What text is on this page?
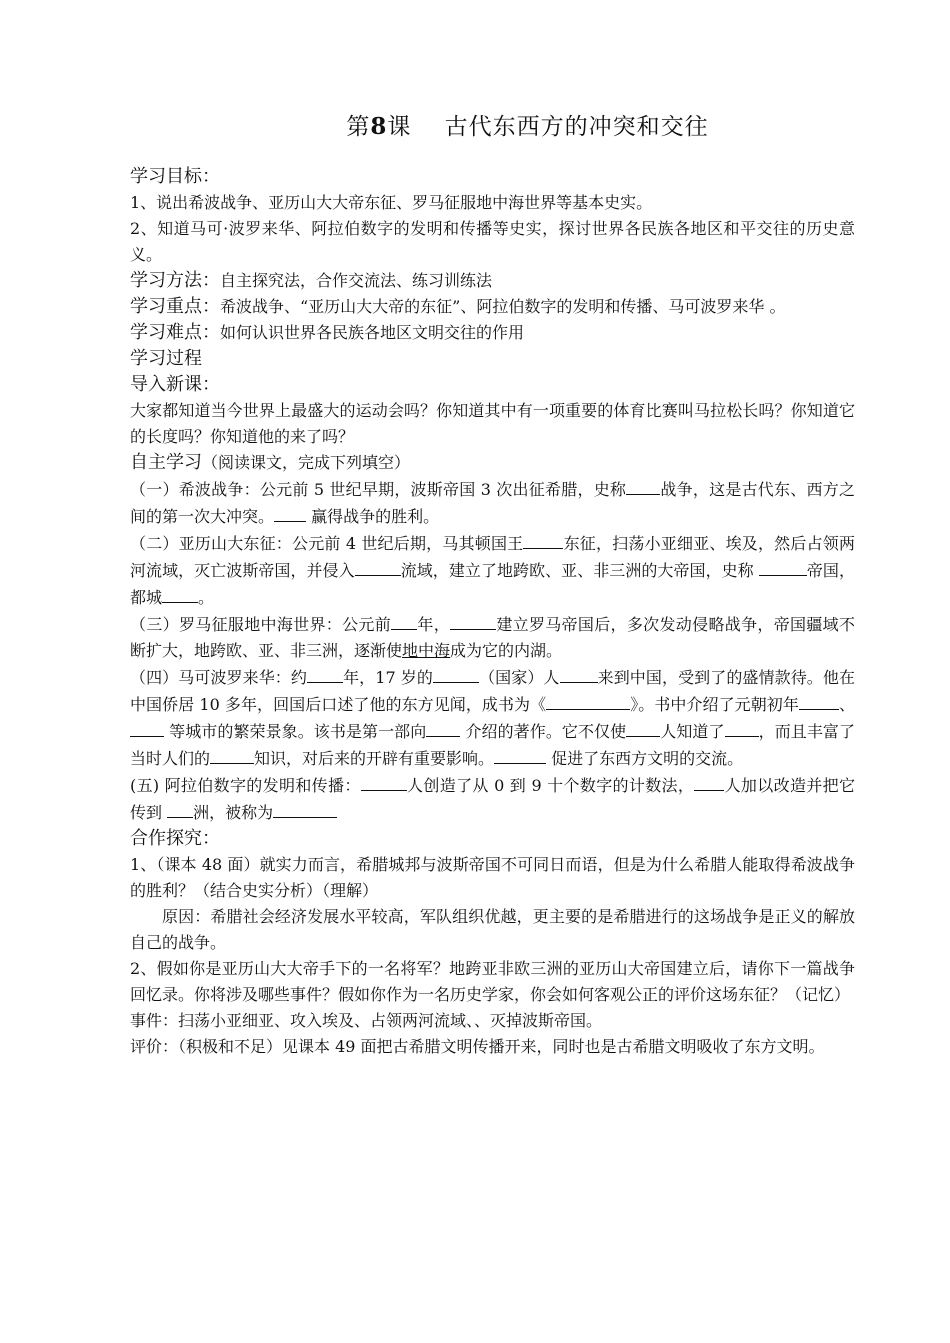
第8课 古代东西方的冲突和交往

学习目标：

1、说出希波战争、亚历山大大帝东征、罗马征服地中海世界等基本史实。

2、知道马可·波罗来华、阿拉伯数字的发明和传播等史实，探讨世界各民族各地区和平交往的历史意义。

学习方法：自主探究法，合作交流法、练习训练法

学习重点：希波战争、“亚历山大大帝的东征”、阿拉伯数字的发明和传播、马可波罗来华 。

学习难点：如何认识世界各民族各地区文明交往的作用

学习过程

导入新课：

大家都知道当今世界上最盛大的运动会吗？你知道其中有一项重要的体育比赛叫马拉松长吗？你知道它的长度吗？你知道他的来了吗？

自主学习（阅读课文，完成下列填空）

（一）希波战争：公元前 5 世纪早期，波斯帝国 3 次出征希腊，史称 战争，这是古代东、西方之间的第一次大冲突。 赢得战争的胜利。

（二）亚历山大东征：公元前 4 世纪后期，马其顿国王	东征，扫荡小亚细亚、埃及，然后占领两河流域，灭亡波斯帝国，并侵入	流域，建立了地跨欧、亚、非三洲的大帝国，史称	帝国，都城 。

（三）罗马征服地中海世界：公元前 年，	建立罗马帝国后，多次发动侵略战争，帝国疆域不断扩大，地跨欧、亚、非三洲，逐渐使地中海成为它的内湖。

（四）马可波罗来华：约 年，17 岁的	（国家）人 来到中国，受到了的盛情款待。他在中国侨居 10 多年，回国后口述了他的东方见闻，成书为《	》。书中介绍了元朝初年	、 等城市的繁荣景象。该书是第一部向 介绍的著作。它不仅使 人知道了 ，而且丰富了当时人们的	知识，对后来的开辟有重要影响。	促进了东西方文明的交流。

(五) 阿拉伯数字的发明和传播：	人创造了从 0 到 9 十个数字的计数法， 人加以改造并把它传到 洲，被称为

合作探究：

1、（课本 48 面）就实力而言，希腊城邦与波斯帝国不可同日而语，但是为什么希腊人能取得希波战争的胜利？（结合史实分析）（理解）

原因：希腊社会经济发展水平较高，军队组织优越，更主要的是希腊进行的这场战争是正义的解放自己的战争。

2、假如你是亚历山大大帝手下的一名将军？地跨亚非欧三洲的亚历山大帝国建立后，请你下一篇战争回忆录。你将涉及哪些事件？假如你作为一名历史学家，你会如何客观公正的评价这场东征？（记忆）

事件：扫荡小亚细亚、攻入埃及、占领两河流域、、灭掉波斯帝国。

评价：（积极和不足）见课本 49 面把古希腊文明传播开来，同时也是古希腊文明吸收了东方文明。
